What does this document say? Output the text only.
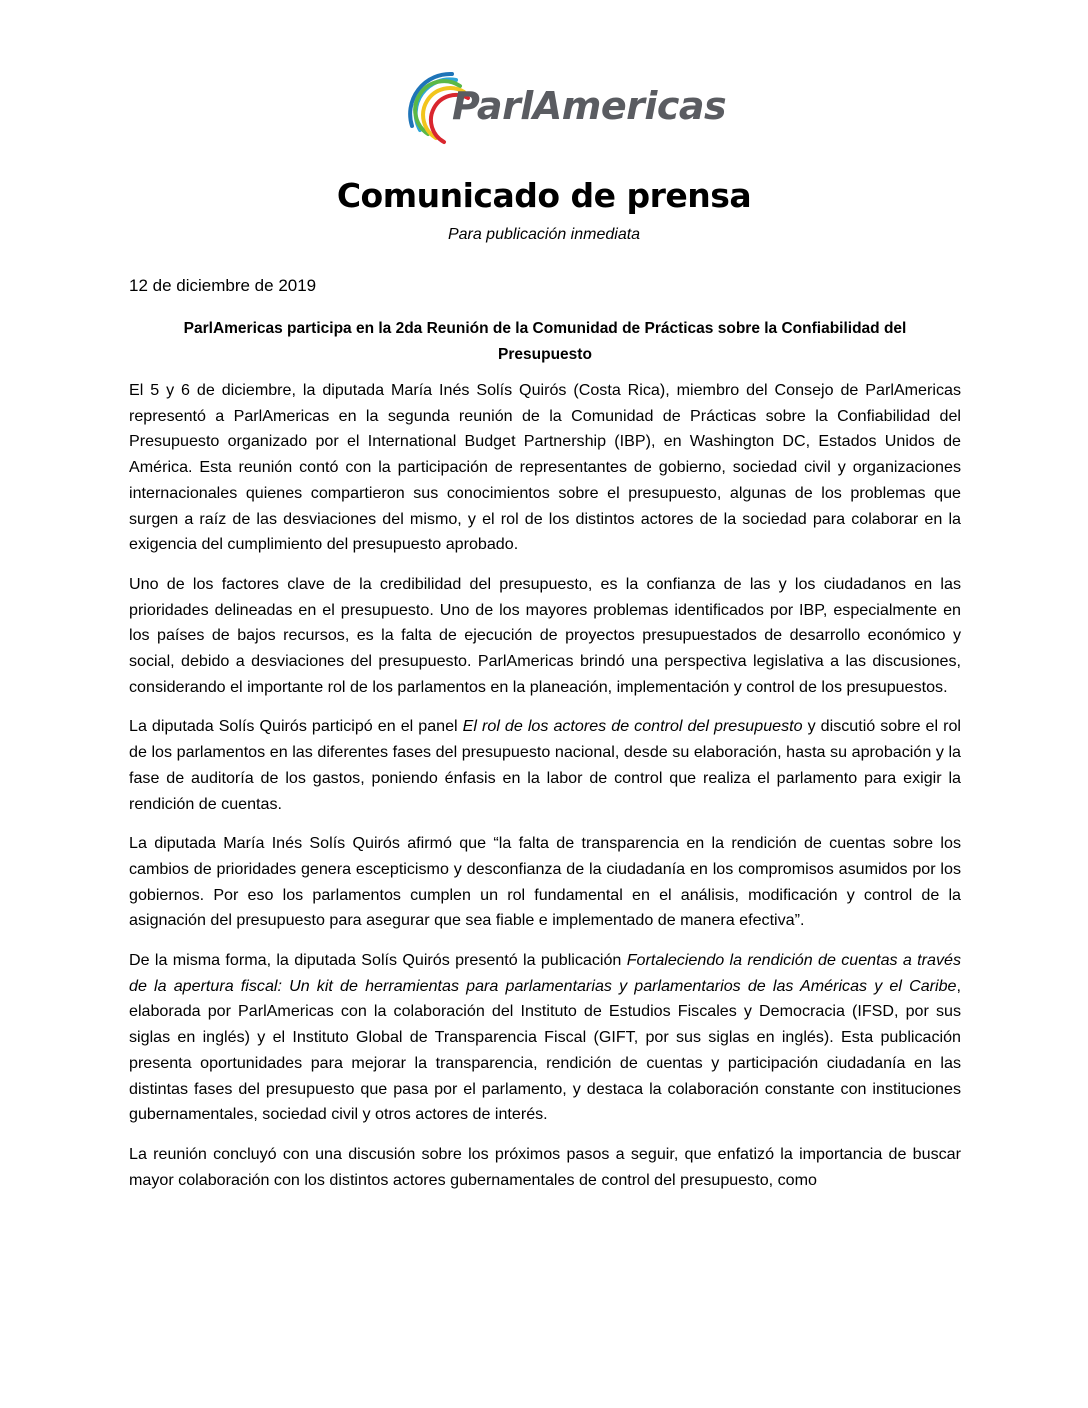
ParlAmericas
Comunicado de prensa
Para publicación inmediata
12 de diciembre de 2019
ParlAmericas participa en la 2da Reunión de la Comunidad de Prácticas sobre la Confiabilidad del Presupuesto

El 5 y 6 de diciembre, la diputada María Inés Solís Quirós (Costa Rica), miembro del Consejo de ParlAmericas representó a ParlAmericas en la segunda reunión de la Comunidad de Prácticas sobre la Confiabilidad del Presupuesto organizado por el International Budget Partnership (IBP), en Washington DC, Estados Unidos de América. Esta reunión contó con la participación de representantes de gobierno, sociedad civil y organizaciones internacionales quienes compartieron sus conocimientos sobre el presupuesto, algunas de los problemas que surgen a raíz de las desviaciones del mismo, y el rol de los distintos actores de la sociedad para colaborar en la exigencia del cumplimiento del presupuesto aprobado.

Uno de los factores clave de la credibilidad del presupuesto, es la confianza de las y los ciudadanos en las prioridades delineadas en el presupuesto. Uno de los mayores problemas identificados por IBP, especialmente en los países de bajos recursos, es la falta de ejecución de proyectos presupuestados de desarrollo económico y social, debido a desviaciones del presupuesto. ParlAmericas brindó una perspectiva legislativa a las discusiones, considerando el importante rol de los parlamentos en la planeación, implementación y control de los presupuestos.

La diputada Solís Quirós participó en el panel El rol de los actores de control del presupuesto y discutió sobre el rol de los parlamentos en las diferentes fases del presupuesto nacional, desde su elaboración, hasta su aprobación y la fase de auditoría de los gastos, poniendo énfasis en la labor de control que realiza el parlamento para exigir la rendición de cuentas.

La diputada María Inés Solís Quirós afirmó que “la falta de transparencia en la rendición de cuentas sobre los cambios de prioridades genera escepticismo y desconfianza de la ciudadanía en los compromisos asumidos por los gobiernos. Por eso los parlamentos cumplen un rol fundamental en el análisis, modificación y control de la asignación del presupuesto para asegurar que sea fiable e implementado de manera efectiva”.

De la misma forma, la diputada Solís Quirós presentó la publicación Fortaleciendo la rendición de cuentas a través de la apertura fiscal: Un kit de herramientas para parlamentarias y parlamentarios de las Américas y el Caribe, elaborada por ParlAmericas con la colaboración del Instituto de Estudios Fiscales y Democracia (IFSD, por sus siglas en inglés) y el Instituto Global de Transparencia Fiscal (GIFT, por sus siglas en inglés). Esta publicación presenta oportunidades para mejorar la transparencia, rendición de cuentas y participación ciudadanía en las distintas fases del presupuesto que pasa por el parlamento, y destaca la colaboración constante con instituciones gubernamentales, sociedad civil y otros actores de interés.

La reunión concluyó con una discusión sobre los próximos pasos a seguir, que enfatizó la importancia de buscar mayor colaboración con los distintos actores gubernamentales de control del presupuesto, como
